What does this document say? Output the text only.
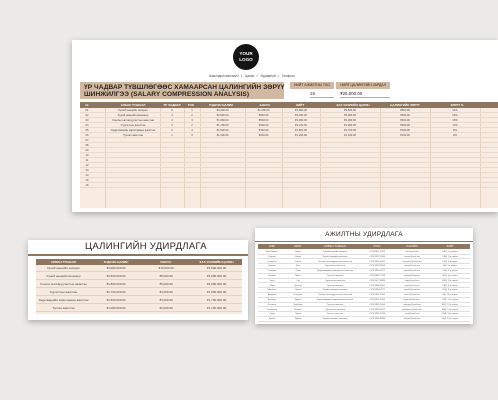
YOUR LOGO
Ажилчдын жагсаалт • Цалин • Хураангуй • Тохиргоо
ҮР ЧАДВАР ТҮВШЛӨГӨӨС ХАМААРСАН ЦАЛИНГИЙН ЗӨРҮҮ
ШИНЖИЛГЭЭ (SALARY COMPRESSION ANALYSIS)
НИЙТ АЖИЛТНЫ ТОО	НИЙТ ЦАЛИНГИЙН ЗАРДАЛ
15	₮26,000.00
№	АЛБАН ТУШААЛ	ҮР ЧАДВАР	ТОО	ҮНДСЭН ЦАЛИН	БОНУС	НИЙТ	ЗАХ ЗЭЭЛИЙН ЦАЛИН	ЦАЛИНГИЙН ЗӨРҮҮ	ЗӨРҮҮ %
01	Хүний нөөцийн захирал	5	1	₮3,000.00	₮1,000.00	₮4,000.00	₮3,500.00	₮500.00	14%
02	Хүний нөөцийн менежер	4	2	₮2,500.00	₮800.00	₮3,300.00	₮3,000.00	₮300.00	10%
03	Сонгон шалгаруулалтын ажилтан	3	3	₮1,800.00	₮500.00	₮2,300.00	₮2,000.00	₮300.00	15%
04	Сургалтын ажилтан	3	2	₮1,700.00	₮400.00	₮2,100.00	₮1,900.00	₮200.00	11%
05	Хөдөлмөрийн харилцааны ажилтан	2	4	₮1,500.00	₮300.00	₮1,800.00	₮1,700.00	₮100.00	6%
06	Туслах ажилтан	1	3	₮1,000.00	₮200.00	₮1,200.00	₮1,100.00	₮100.00	9%
07
08
09
10
11
12
13
14
15
16
ЦАЛИНГИЙН УДИРДЛАГА
АЛБАН ТУШААЛ	ҮНДСЭН ЦАЛИН	БОНУС	ЗАХ ЗЭЭЛИЙН ЦАЛИН
Хүний нөөцийн захирал	₮3,000,000.00	₮10,000.00	₮3,500,000.00
Хүний нөөцийн менежер	₮2,500,000.00	₮8,000.00	₮3,000,000.00
Сонгон шалгаруулалтын ажилтан	₮1,800,000.00	₮5,000.00	₮2,000,000.00
Сургалтын ажилтан	₮1,700,000.00	₮4,000.00	₮1,900,000.00
Хөдөлмөрийн харилцааны ажилтан	₮1,500,000.00	₮3,000.00	₮1,700,000.00
Туслах ажилтан	₮1,000,000.00	₮2,000.00	₮1,100,000.00
АЖИЛТНЫ УДИРДЛАГА
НЭР	ОВОГ	АЛБАН ТУШААЛ	УТАС	И-МЭЙЛ	ХАЯГ
Бат-Эрдэнэ	Дорж	Хүний нөөцийн захирал	+976 9911 2233	bat@mail.mn	БЗД, 1-р хороо
Сарнай	Болд	Хүний нөөцийн менежер	+976 9922 3344	sarnai@mail.mn	СБД, 2-р хороо
Тэмүүлэн	Ганбат	Сонгон шалгаруулалтын ажилтан	+976 9933 4455	temuulen@mail.mn	ХУД, 3-р хороо
Номин	Бат	Сургалтын ажилтан	+976 9944 5566	nomin@mail.mn	ЧД, 4-р хороо
Ганзориг	Очир	Хөдөлмөрийн харилцааны ажилтан	+976 9955 6677	ganzo@mail.mn	СХД, 5-р хороо
Энхжин	Мөнх	Туслах ажилтан	+976 9966 7788	enkhjin@mail.mn	БГД, 6-р хороо
Тулга	Сүх	Сургалтын ажилтан	+976 9977 8899	tulga@mail.mn	БЗД, 7-р хороо
Оюун	Дэлгэр	Туслах ажилтан	+976 9988 9900	oyun@mail.mn	СБД, 8-р хороо
Мөнхбат	Цэрэн	Хүний нөөцийн менежер	+976 9900 1122	munkh@mail.mn	ХУД, 9-р хороо
Ариунаа	Гантулга	Сонгон шалгаруулалтын ажилтан	+976 9911 3344	ariuna@mail.mn	ЧД, 10-р хороо
Билгүүн	Эрдэнэ	Хөдөлмөрийн харилцааны ажилтан	+976 9922 4455	bilguun@mail.mn	СХД, 11-р хороо
Золзаяа	Батбаяр	Туслах ажилтан	+976 9933 5566	zolzaya@mail.mn	БГД, 12-р хороо
Ганбаатар	Нямаа	Сургалтын ажилтан	+976 9944 6677	ganbaatar@mail.mn	БЗД, 13-р хороо
Сувд	Пүрэв	Туслах ажилтан	+976 9955 7788	suvd@mail.mn	СБД, 14-р хороо
Хулан	Даваа	Хүний нөөцийн менежер	+976 9966 8899	khulan@mail.mn	ХУД, 15-р хороо
